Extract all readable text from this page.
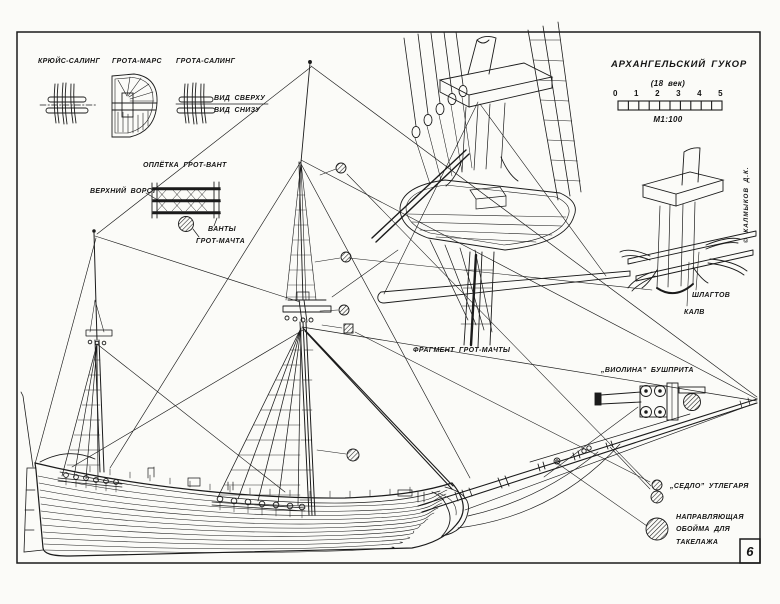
КРЮЙС-САЛИНГ ГРОТА-МАРС ГРОТА-САЛИНГ
ВИД СВЕРХУ
ВИД СНИЗУ
ОПЛЁТКА ГРОТ-ВАНТ
ВЕРХНИЙ ВОРСТ
ВАНТЫ
ГРОТ-МАЧТА
ФРАГМЕНТ ГРОТ-МАЧТЫ
ШЛАГТОВ
КАЛВ
„ВИОЛИНА” БУШПРИТА
„СЕДЛО” УТЛЕГАРЯ
НАПРАВЛЯЮЩАЯ
ОБОЙМА ДЛЯ
ТАКЕЛАЖА
АРХАНГЕЛЬСКИЙ ГУКОР
(18 век)
0 1 2 3 4 5
М1:100
© КАЛМЫКОВ Д.К.
6
